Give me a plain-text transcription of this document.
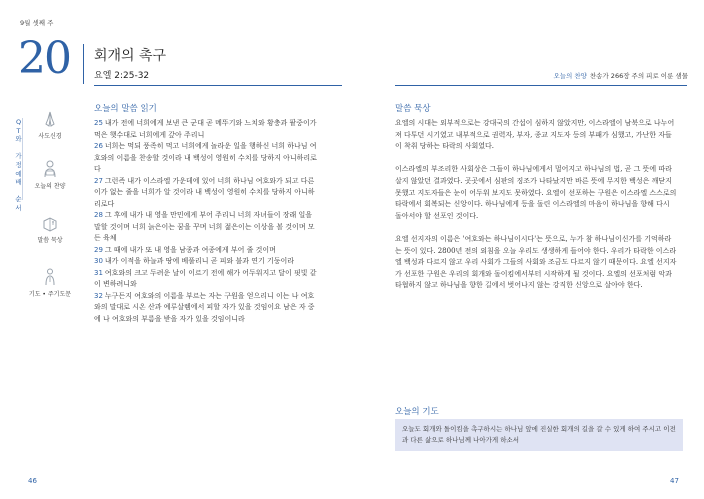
9월 셋째 주
20 회개의 촉구
요엘 2:25-32	오늘의 찬양 찬송가 266장 주의 피로 이룬 샘물
Q
T
와

가
정
예
배

순
서
사도신경
오늘의 찬양
말씀 묵상
기도 • 주기도문
오늘의 말씀 읽기
25 내가 전에 너희에게 보낸 큰 군대 곧 메뚜기와 느치와 황충과 팥중이가 먹은 햇수대로 너희에게 갚아 주리니
26 너희는 먹되 풍족히 먹고 너희에게 놀라운 일을 행하신 너희 하나님 여호와의 이름을 찬송할 것이라 내 백성이 영원히 수치를 당하지 아니하리로다
27 그런즉 내가 이스라엘 가운데에 있어 너희 하나님 여호와가 되고 다른 이가 없는 줄을 너희가 알 것이라 내 백성이 영원히 수치를 당하지 아니하리로다
28 그 후에 내가 내 영을 만민에게 부어 주리니 너희 자녀들이 장래 일을 말할 것이며 너희 늙은이는 꿈을 꾸며 너희 젊은이는 이상을 볼 것이며 모든 육체
29 그 때에 내가 또 내 영을 남종과 여종에게 부어 줄 것이며
30 내가 이적을 하늘과 땅에 베풀리니 곧 피와 불과 연기 기둥이라
31 여호와의 크고 두려운 날이 이르기 전에 해가 어두워지고 달이 핏빛 같이 변하려니와
32 누구든지 여호와의 이름을 부르는 자는 구원을 얻으리니 이는 나 여호와의 말대로 시온 산과 예루살렘에서 피할 자가 있을 것임이요 남은 자 중에 나 여호와의 부름을 받을 자가 있을 것임이니라
말씀 묵상

요엘의 시대는 외부적으로는 강대국의 간섭이 심하지 않았지만, 이스라엘이 남북으로 나누어져 다투던 시기였고 내부적으로 권력자, 부자, 종교 지도자 등의 부패가 심했고, 가난한 자들이 착취 당하는 타락의 사회였다.

이스라엘의 부조리한 사회상은 그들이 하나님에게서 멀어지고 하나님의 법, 곧 그 뜻에 따라 살지 않았던 결과였다. 곳곳에서 심판의 징조가 나타났지만 바른 뜻에 무지한 백성은 깨닫지 못했고 지도자들은 눈이 어두워 보지도 못하였다. 요엘이 선포하는 구원은 이스라엘 스스로의 타락에서 회복되는 신앙이다. 하나님에게 등을 돌린 이스라엘의 마음이 하나님을 향해 다시 돌아서야 할 선포인 것이다.

요엘 선지자의 이름은 '여호와는 하나님이시다'는 뜻으로, 누가 참 하나님이신가를 기억하라는 뜻이 있다. 2800년 전의 외침을 오늘 우리도 생생하게 들어야 한다. 우리가 타락한 이스라엘 백성과 다르지 않고 우리 사회가 그들의 사회와 조금도 다르지 않기 때문이다. 요엘 선지자가 선포한 구원은 우리의 회개와 돌이킴에서부터 시작하게 될 것이다. 요엘의 선포처럼 악과 타협하지 않고 하나님을 향한 길에서 벗어나지 않는 강직한 신앙으로 살아야 한다.

오늘의 기도
오늘도 회개와 돌이킴을 촉구하시는 하나님 앞에 진실한 회개의 길을 갈 수 있게 하여 주시고 이전과 다른 삶으로 하나님께 나아가게 하소서
46	47
